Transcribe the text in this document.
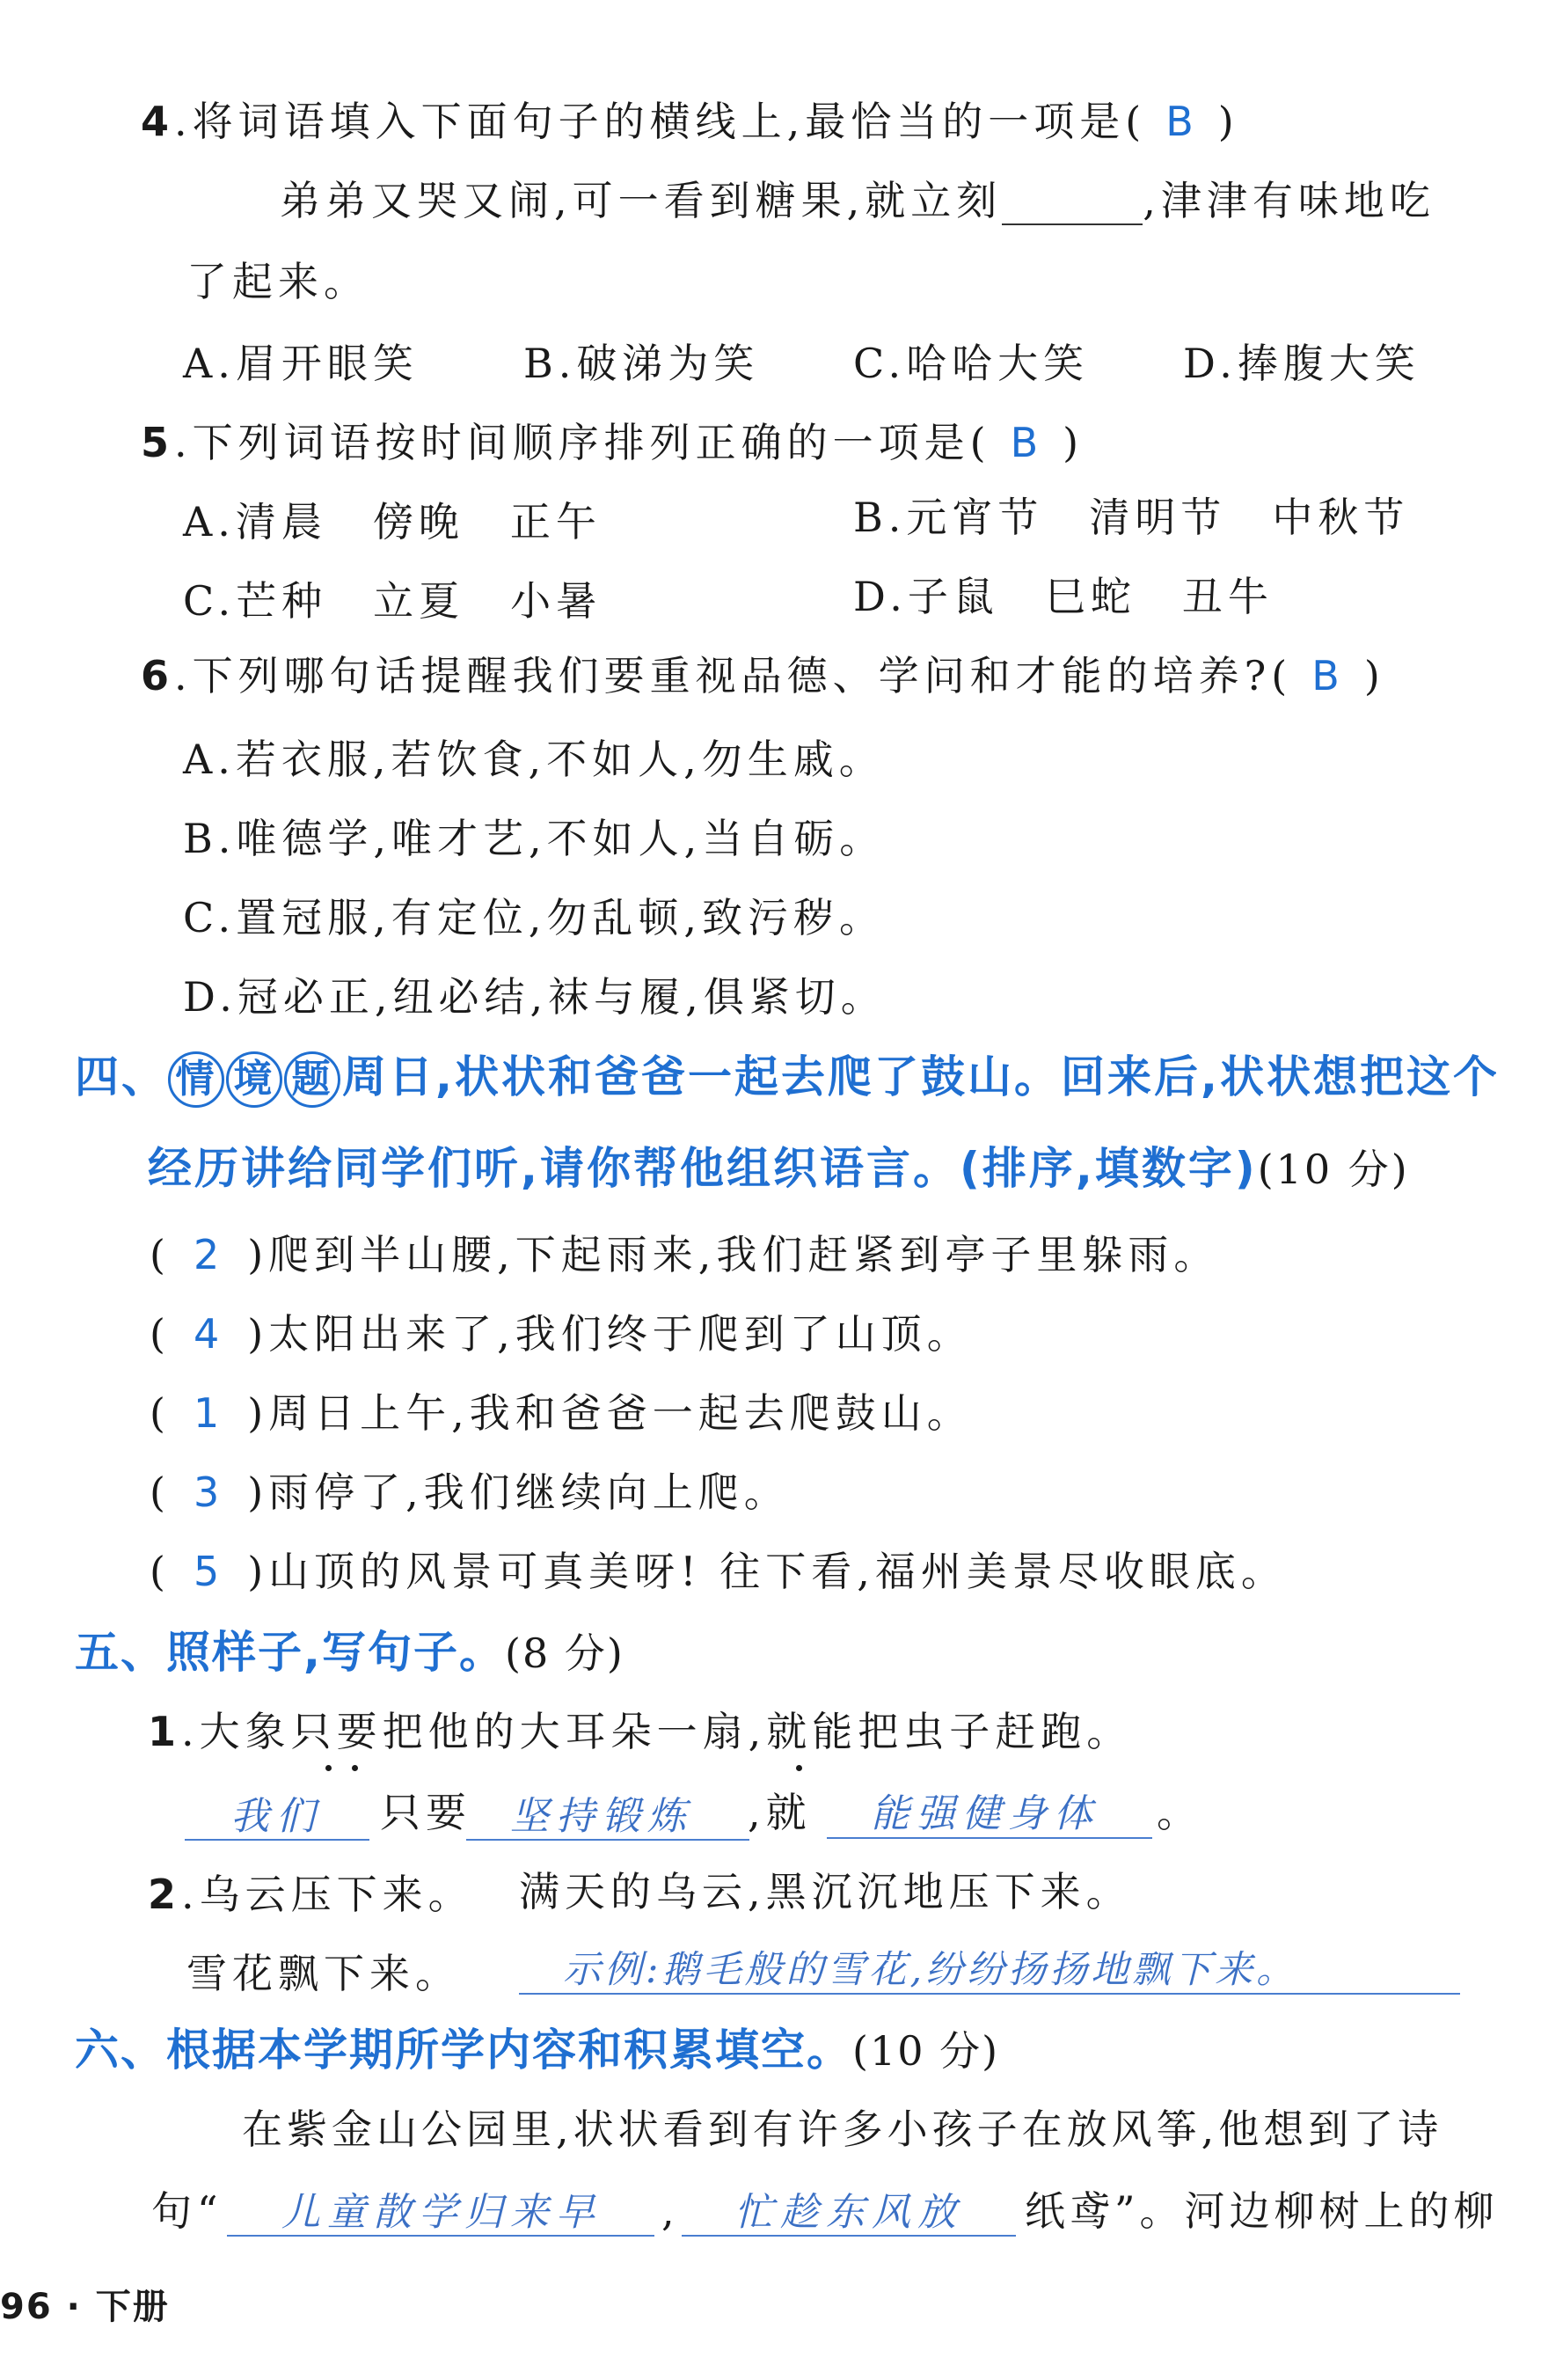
4.将词语填入下面句子的横线上,最恰当的一项是( B )
弟弟又哭又闹,可一看到糖果,就立刻	,津津有味地吃
了起来。
A.眉开眼笑	B.破涕为笑 C.哈哈大笑 D.捧腹大笑
5.下列词语按时间顺序排列正确的一项是( B )
A.清晨　傍晚　正午	B.元宵节　清明节　中秋节
C.芒种　立夏　小暑	D.子鼠　巳蛇　丑牛
6.下列哪句话提醒我们要重视品德、学问和才能的培养?( B )
A.若衣服,若饮食,不如人,勿生戚。
B.唯德学,唯才艺,不如人,当自砺。
C.置冠服,有定位,勿乱顿,致污秽。
D.冠必正,纽必结,袜与履,俱紧切。
四、 情 境 题 周日,状状和爸爸一起去爬了鼓山。回来后,状状想把这个
经历讲给同学们听,请你帮他组织语言。(排序,填数字)(10 分)
( 2 )爬到半山腰,下起雨来,我们赶紧到亭子里躲雨。
( 4 )太阳出来了,我们终于爬到了山顶。
( 1 )周日上午,我和爸爸一起去爬鼓山。
( 3 )雨停了,我们继续向上爬。
( 5 )山顶的风景可真美呀! 往下看,福州美景尽收眼底。
五、照样子,写句子。(8 分)
1.大象只要把他的大耳朵一扇,就能把虫子赶跑。
我们 只要 坚持锻炼 ,就 能强健身体 。
2.乌云压下来。 满天的乌云,黑沉沉地压下来。
雪花飘下来。	示例:鹅毛般的雪花,纷纷扬扬地飘下来。
六、根据本学期所学内容和积累填空。(10 分)
在紫金山公园里,状状看到有许多小孩子在放风筝,他想到了诗
句“ 儿童散学归来早 , 忙趁东风放 纸鸢”。河边柳树上的柳
96 · 下册
